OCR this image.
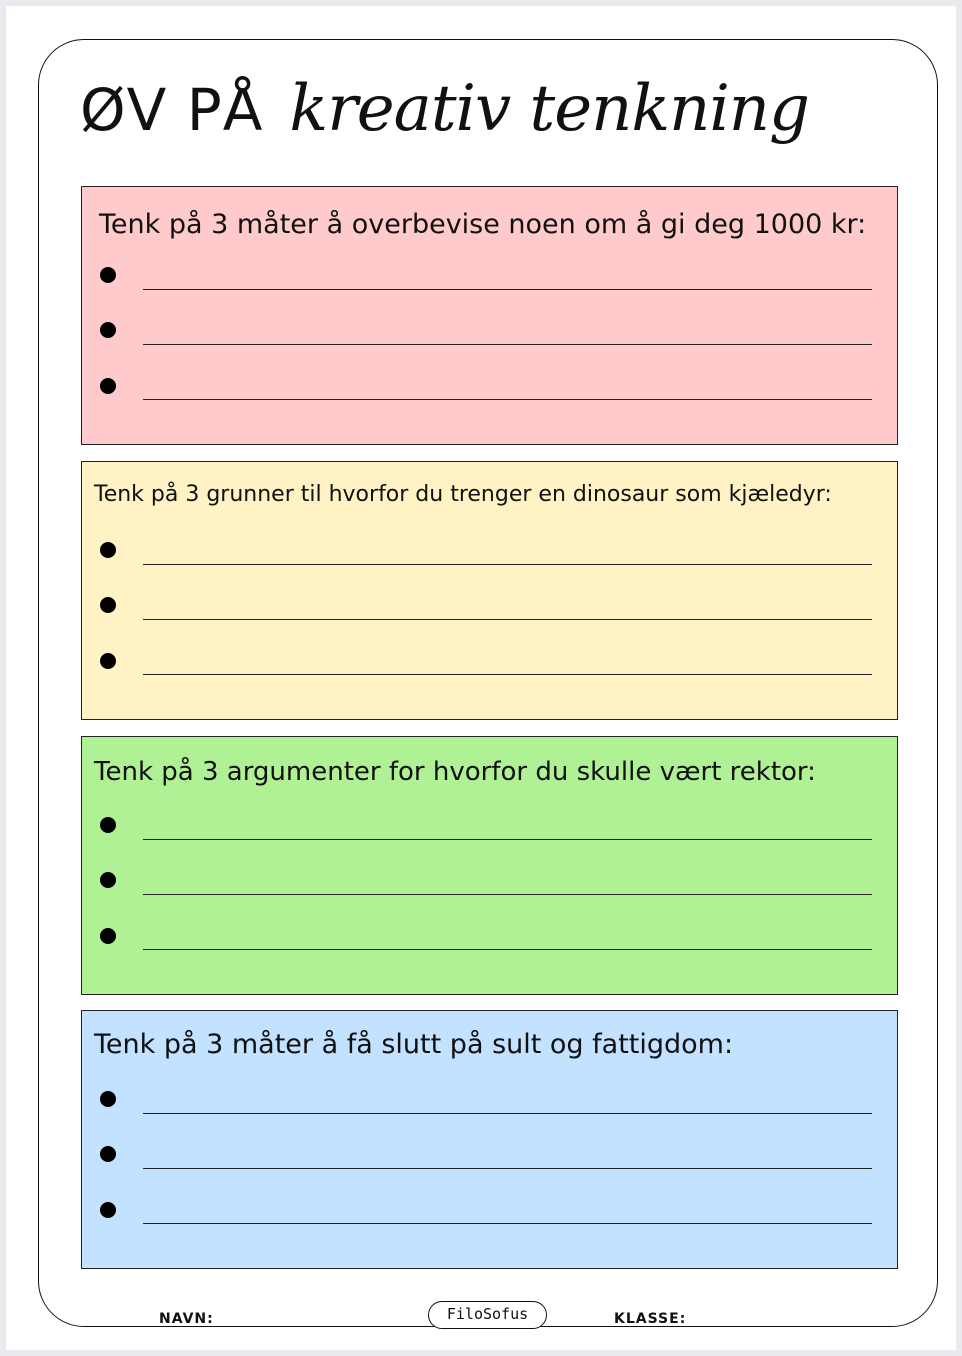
ØV PÅ kreativ tenkning
Tenk på 3 måter å overbevise noen om å gi deg 1000 kr:
Tenk på 3 grunner til hvorfor du trenger en dinosaur som kjæledyr:
Tenk på 3 argumenter for hvorfor du skulle vært rektor:
Tenk på 3 måter å få slutt på sult og fattigdom:
NAVN:	FiloSofus	KLASSE:
